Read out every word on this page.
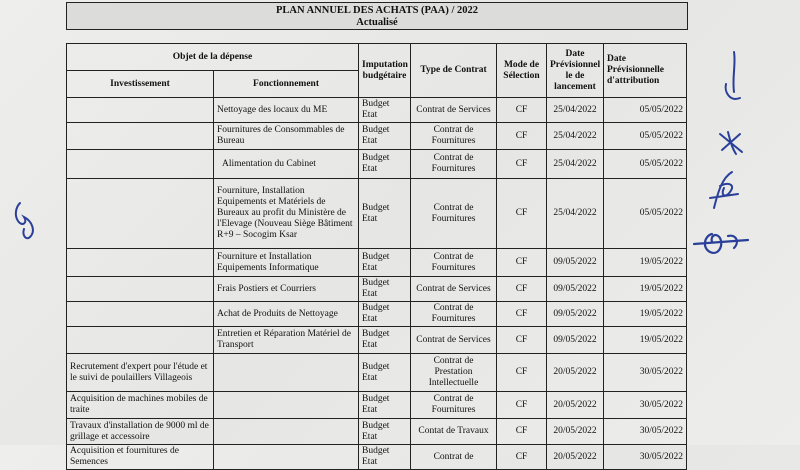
PLAN ANNUEL DES ACHATS (PAA) / 2022
Actualisé
Objet de la dépense		Imputation budgétaire	Type de Contrat	Mode de Sélection	Date Prévisionnel le de lancement	Date Prévisionnelle d'attribution
Investissement	Fonctionnement					
	Nettoyage des locaux du ME	Budget Etat	Contrat de Services	CF	25/04/2022	05/05/2022
	Fournitures de Consommables de Bureau	Budget Etat	Contrat de Fournitures	CF	25/04/2022	05/05/2022
	Alimentation du Cabinet	Budget Etat	Contrat de Fournitures	CF	25/04/2022	05/05/2022
	Fourniture, Installation Equipements et Matériels de Bureaux au profit du Ministère de l'Elevage (Nouveau Siège Bâtiment R+9 – Socogim Ksar	Budget Etat	Contrat de Fournitures	CF	25/04/2022	05/05/2022
	Fourniture et Installation Equipements Informatique	Budget Etat	Contrat de Fournitures	CF	09/05/2022	19/05/2022
	Frais Postiers et Courriers	Budget Etat	Contrat de Services	CF	09/05/2022	19/05/2022
	Achat de Produits de Nettoyage	Budget Etat	Contrat de Fournitures	CF	09/05/2022	19/05/2022
	Entretien et Réparation Matériel de Transport	Budget Etat	Contrat de Services	CF	09/05/2022	19/05/2022
Recrutement d'expert pour l'étude et le suivi de poulaillers Villageois		Budget Etat	Contrat de Prestation Intellectuelle	CF	20/05/2022	30/05/2022
Acquisition de machines mobiles de traite		Budget Etat	Contrat de Fournitures	CF	20/05/2022	30/05/2022
Travaux d'installation de 9000 ml de grillage et accessoire		Budget Etat	Contat de Travaux	CF	20/05/2022	30/05/2022
Acquisition et fournitures de Semences		Budget Etat	Contrat de	CF	20/05/2022	30/05/2022
